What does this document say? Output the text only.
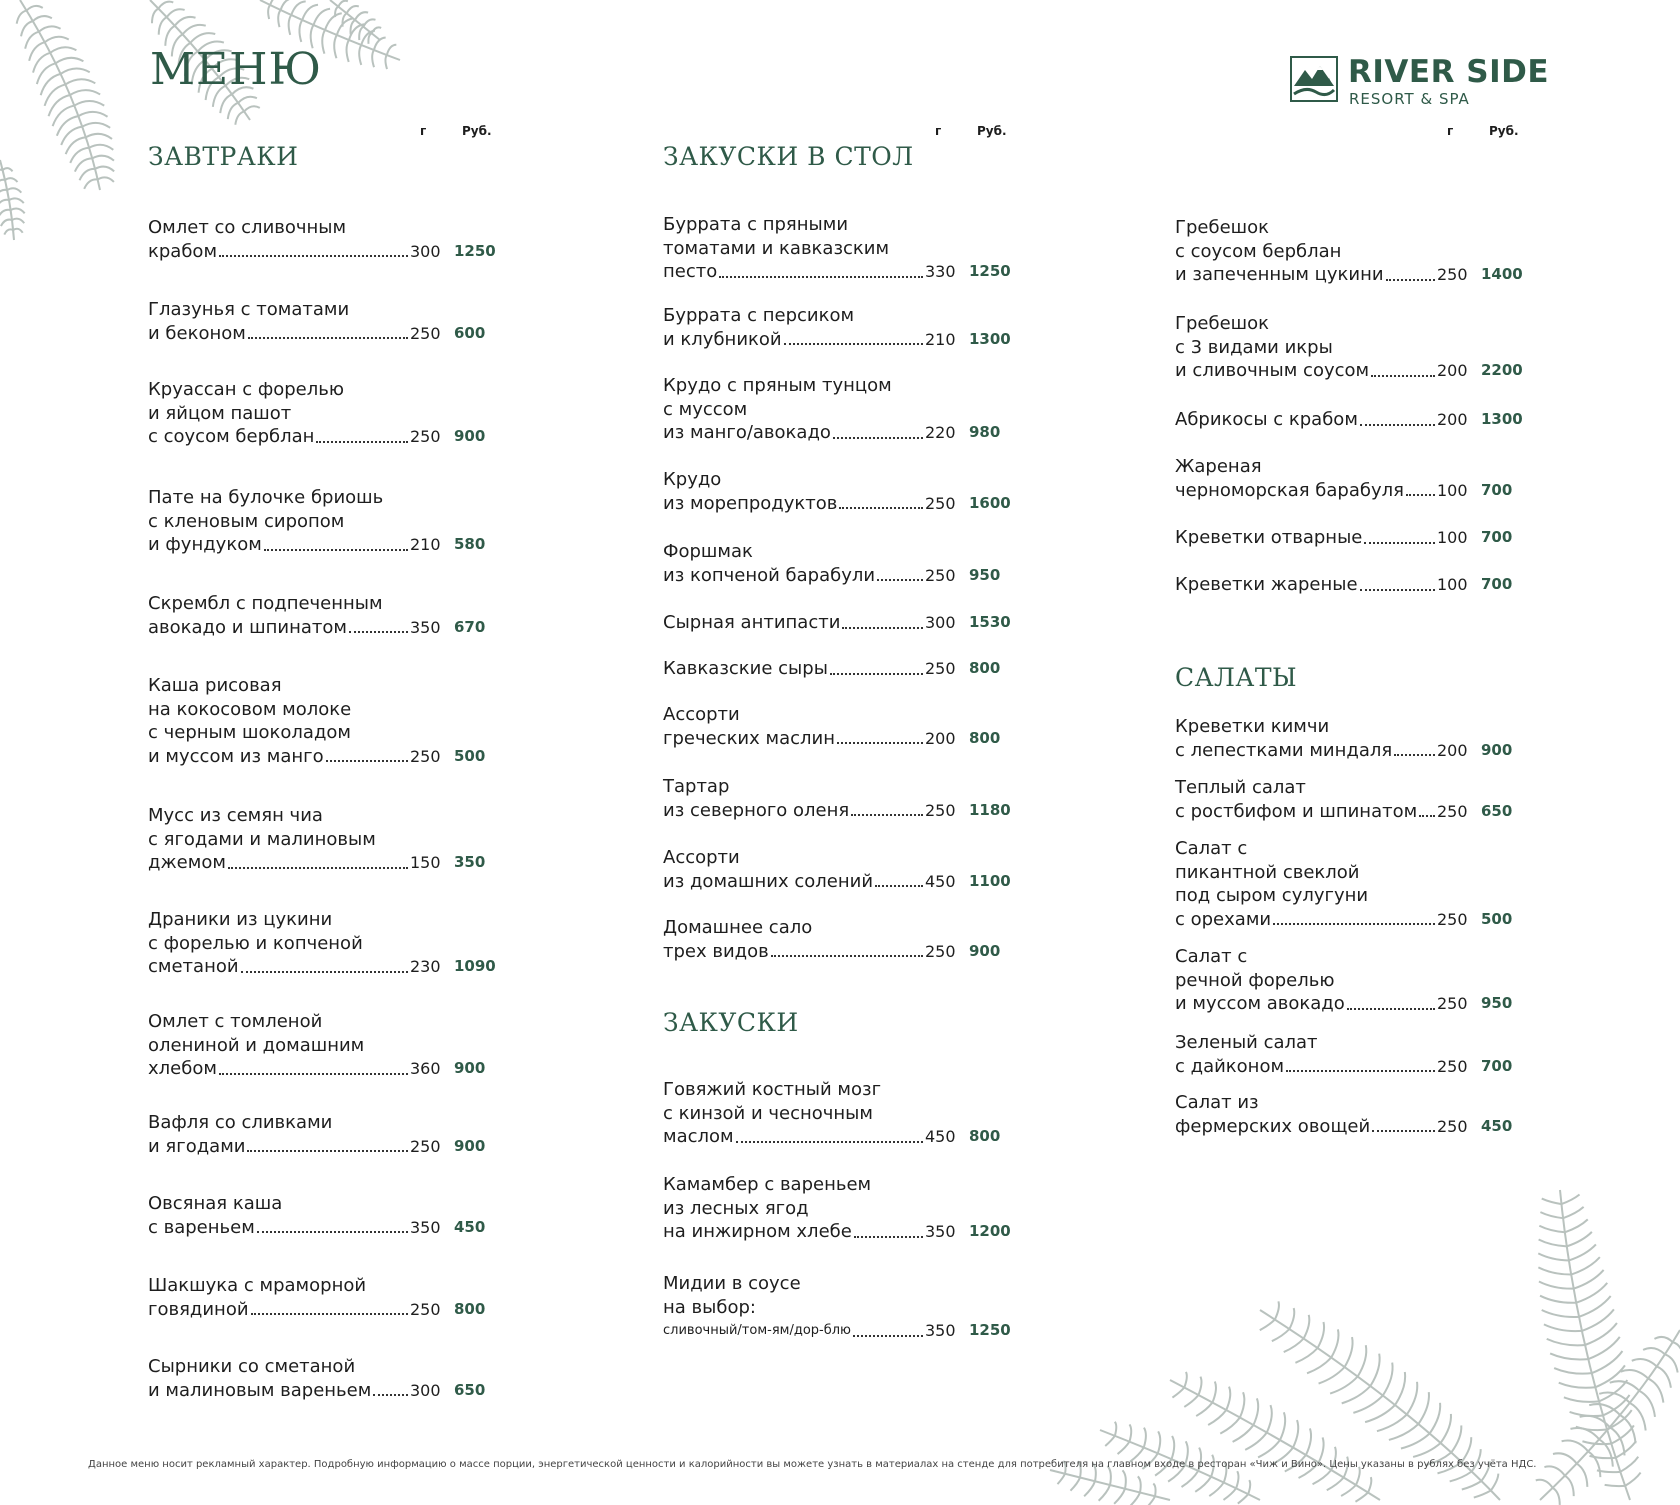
МЕНЮ	RIVER SIDE
RESORT & SPA
г	Руб.
ЗАВТРАКИ
Омлет со сливочным
крабом	300 1250
Глазунья с томатами
и беконом	250 600
Круассан с форелью
и яйцом пашот
с соусом берблан	250 900
Пате на булочке бриошь
с кленовым сиропом
и фундуком	210 580
Скрембл с подпеченным
авокадо и шпинатом	350 670
Каша рисовая
на кокосовом молоке
с черным шоколадом
и муссом из манго	250 500
Мусс из семян чиа
с ягодами и малиновым
джемом	150 350
Драники из цукини
с форелью и копченой
сметаной	230 1090
Омлет с томленой
олениной и домашним
хлебом	360 900
Вафля со сливками
и ягодами	250 900
Овсяная каша
с вареньем	350 450
Шакшука с мраморной
говядиной	250 800
Сырники со сметаной
и малиновым вареньем 300 650
г	Руб.
ЗАКУСКИ В СТОЛ
Буррата с пряными
томатами и кавказским
песто	330 1250
Буррата с персиком
и клубникой	210 1300
Крудо с пряным тунцом
с муссом
из манго/авокадо	220 980
Крудо
из морепродуктов	250 1600
Форшмак
из копченой барабули	250 950
Сырная антипасти	300 1530
Кавказские сыры	250 800
Ассорти
греческих маслин	200 800
Тартар
из северного оленя	250 1180
Ассорти
из домашних солений	450 1100
Домашнее сало
трех видов	250 900
ЗАКУСКИ
Говяжий костный мозг
с кинзой и чесночным
маслом	450 800
Камамбер с вареньем
из лесных ягод
на инжирном хлебе	350 1200
Мидии в соусе
на выбор:
сливочный/том-ям/дор-блю	350 1250
г	Руб.
Гребешок
с соусом берблан
и запеченным цукини	250 1400
Гребешок
с 3 видами икры
и сливочным соусом	200 2200
Абрикосы с крабом	200 1300
Жареная
черноморская барабуля 100 700
Креветки отварные	100 700
Креветки жареные	100 700
САЛАТЫ
Креветки кимчи
с лепестками миндаля	200 900
Теплый салат
с ростбифом и шпинатом 250 650
Салат с
пикантной свеклой
под сыром сулугуни
с орехами	250 500
Салат с
речной форелью
и муссом авокадо	250 950
Зеленый салат
с дайконом	250 700
Салат из
фермерских овощей	250 450
Данное меню носит рекламный характер. Подробную информацию о массе порции, энергетической ценности и калорийности вы можете узнать в материалах на стенде для потребителя на главном входе в ресторан «Чиж и Вино». Цены указаны в рублях без учёта НДС.
